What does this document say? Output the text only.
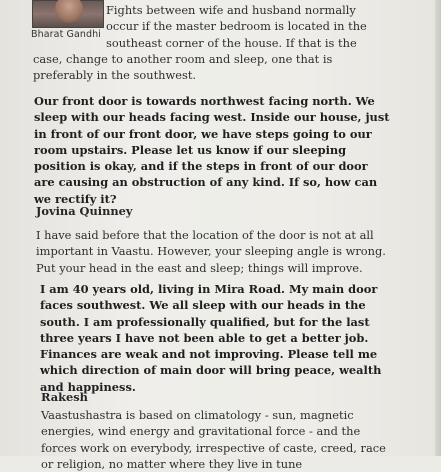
Bharat Gandhi
Fights between wife and husband normally
occur if the master bedroom is located in the
southeast corner of the house. If that is the
case, change to another room and sleep, one that is
preferably in the southwest.
Our front door is towards northwest facing north. We
sleep with our heads facing west. Inside our house, just
in front of our front door, we have steps going to our
room upstairs. Please let us know if our sleeping
position is okay, and if the steps in front of our door
are causing an obstruction of any kind. If so, how can
we rectify it?
Jovina Quinney
I have said before that the location of the door is not at all
important in Vaastu. However, your sleeping angle is wrong.
Put your head in the east and sleep; things will improve.
I am 40 years old, living in Mira Road. My main door
faces southwest. We all sleep with our heads in the
south. I am professionally qualified, but for the last
three years I have not been able to get a better job.
Finances are weak and not improving. Please tell me
which direction of main door will bring peace, wealth
and happiness.
Rakesh
Vaastushastra is based on climatology - sun, magnetic
energies, wind energy and gravitational force - and the
forces work on everybody, irrespective of caste, creed, race
or religion, no matter where they live in tune
